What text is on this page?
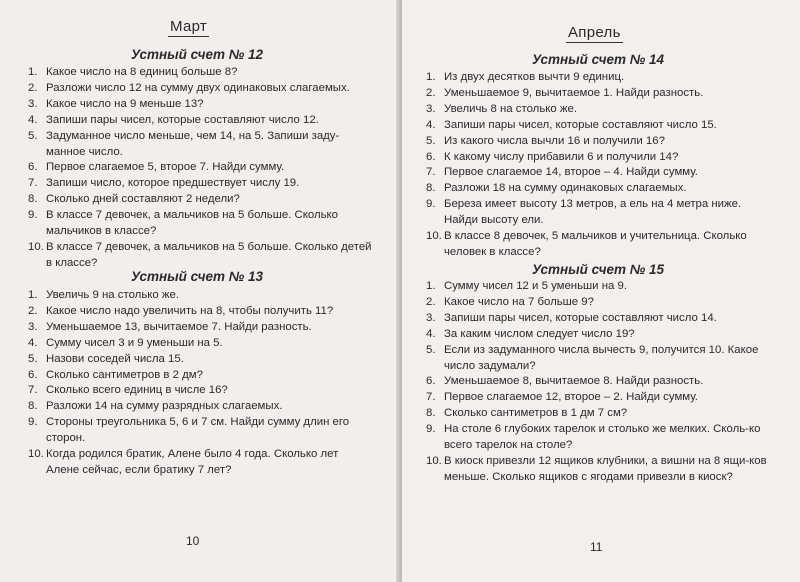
Март
Устный счет № 12
1. Какое число на 8 единиц больше 8?
2. Разложи число 12 на сумму двух одинаковых слагаемых.
3. Какое число на 9 меньше 13?
4. Запиши пары чисел, которые составляют число 12.
5. Задуманное число меньше, чем 14, на 5. Запиши заду-манное число.
6. Первое слагаемое 5, второе 7. Найди сумму.
7. Запиши число, которое предшествует числу 19.
8. Сколько дней составляют 2 недели?
9. В классе 7 девочек, а мальчиков на 5 больше. Сколько мальчиков в классе?
10. В классе 7 девочек, а мальчиков на 5 больше. Сколько детей в классе?
Устный счет № 13
1. Увеличь 9 на столько же.
2. Какое число надо увеличить на 8, чтобы получить 11?
3. Уменьшаемое 13, вычитаемое 7. Найди разность.
4. Сумму чисел 3 и 9 уменьши на 5.
5. Назови соседей числа 15.
6. Сколько сантиметров в 2 дм?
7. Сколько всего единиц в числе 16?
8. Разложи 14 на сумму разрядных слагаемых.
9. Стороны треугольника 5, 6 и 7 см. Найди сумму длин его сторон.
10. Когда родился братик, Алене было 4 года. Сколько лет Алене сейчас, если братику 7 лет?
10
Апрель
Устный счет № 14
1. Из двух десятков вычти 9 единиц.
2. Уменьшаемое 9, вычитаемое 1. Найди разность.
3. Увеличь 8 на столько же.
4. Запиши пары чисел, которые составляют число 15.
5. Из какого числа вычли 16 и получили 16?
6. К какому числу прибавили 6 и получили 14?
7. Первое слагаемое 14, второе – 4. Найди сумму.
8. Разложи 18 на сумму одинаковых слагаемых.
9. Береза имеет высоту 13 метров, а ель на 4 метра ниже. Найди высоту ели.
10. В классе 8 девочек, 5 мальчиков и учительница. Сколько человек в классе?
Устный счет № 15
1. Сумму чисел 12 и 5 уменьши на 9.
2. Какое число на 7 больше 9?
3. Запиши пары чисел, которые составляют число 14.
4. За каким числом следует число 19?
5. Если из задуманного числа вычесть 9, получится 10. Какое число задумали?
6. Уменьшаемое 8, вычитаемое 8. Найди разность.
7. Первое слагаемое 12, второе – 2. Найди сумму.
8. Сколько сантиметров в 1 дм 7 см?
9. На столе 6 глубоких тарелок и столько же мелких. Сколь-ко всего тарелок на столе?
10. В киоск привезли 12 ящиков клубники, а вишни на 8 ящи-ков меньше. Сколько ящиков с ягодами привезли в киоск?
11
